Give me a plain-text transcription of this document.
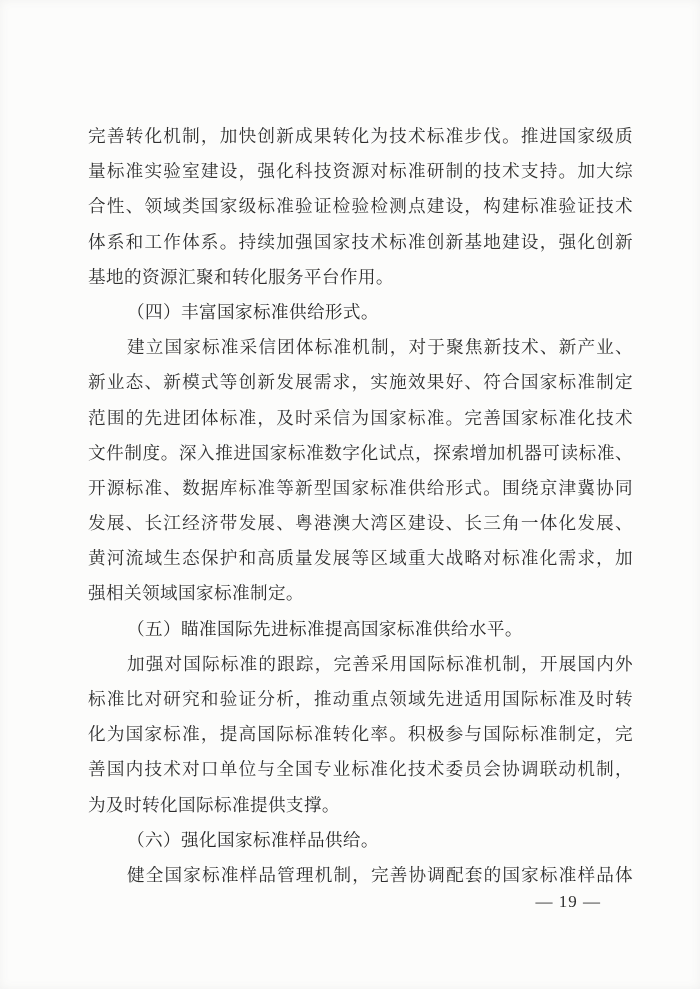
完善转化机制，加快创新成果转化为技术标准步伐。推进国家级质
量标准实验室建设，强化科技资源对标准研制的技术支持。加大综
合性、领域类国家级标准验证检验检测点建设，构建标准验证技术
体系和工作体系。持续加强国家技术标准创新基地建设，强化创新
基地的资源汇聚和转化服务平台作用。
（四）丰富国家标准供给形式。
建立国家标准采信团体标准机制，对于聚焦新技术、新产业、
新业态、新模式等创新发展需求，实施效果好、符合国家标准制定
范围的先进团体标准，及时采信为国家标准。完善国家标准化技术
文件制度。深入推进国家标准数字化试点，探索增加机器可读标准、
开源标准、数据库标准等新型国家标准供给形式。围绕京津冀协同
发展、长江经济带发展、粤港澳大湾区建设、长三角一体化发展、
黄河流域生态保护和高质量发展等区域重大战略对标准化需求，加
强相关领域国家标准制定。
（五）瞄准国际先进标准提高国家标准供给水平。
加强对国际标准的跟踪，完善采用国际标准机制，开展国内外
标准比对研究和验证分析，推动重点领域先进适用国际标准及时转
化为国家标准，提高国际标准转化率。积极参与国际标准制定，完
善国内技术对口单位与全国专业标准化技术委员会协调联动机制，
为及时转化国际标准提供支撑。
（六）强化国家标准样品供给。
健全国家标准样品管理机制，完善协调配套的国家标准样品体
— 19 —
